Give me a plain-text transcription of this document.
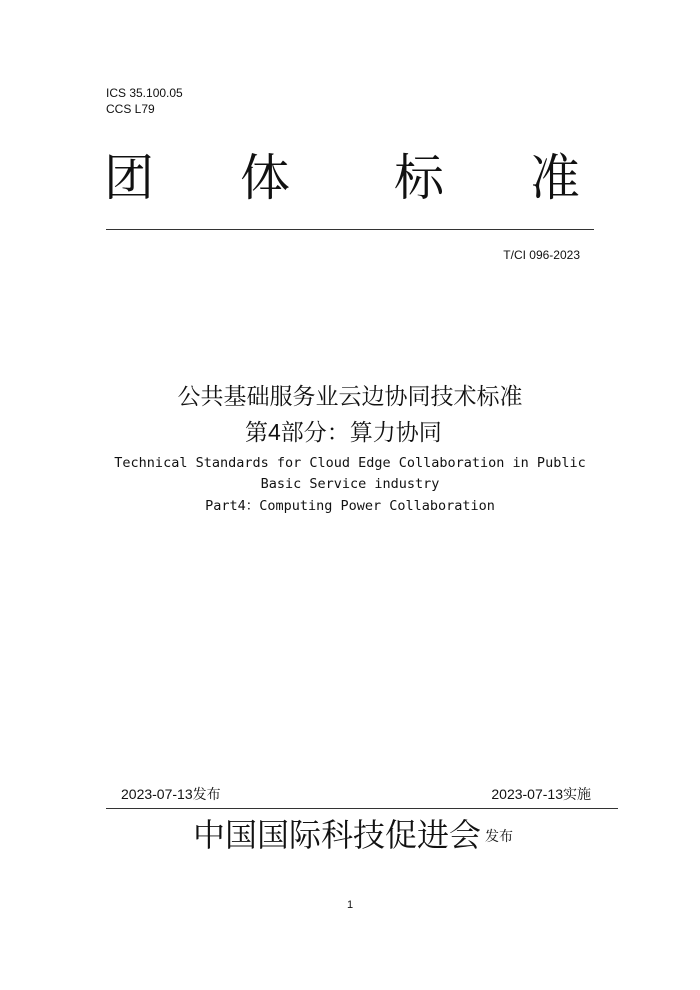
ICS 35.100.05
CCS L79
团 体 标 准
T/CI 096-2023
公共基础服务业云边协同技术标准
第4部分：算力协同
Technical Standards for Cloud Edge Collaboration in Public
Basic Service industry
Part4：Computing Power Collaboration
2023-07-13发布	2023-07-13实施
中国国际科技促进会 发布
1
